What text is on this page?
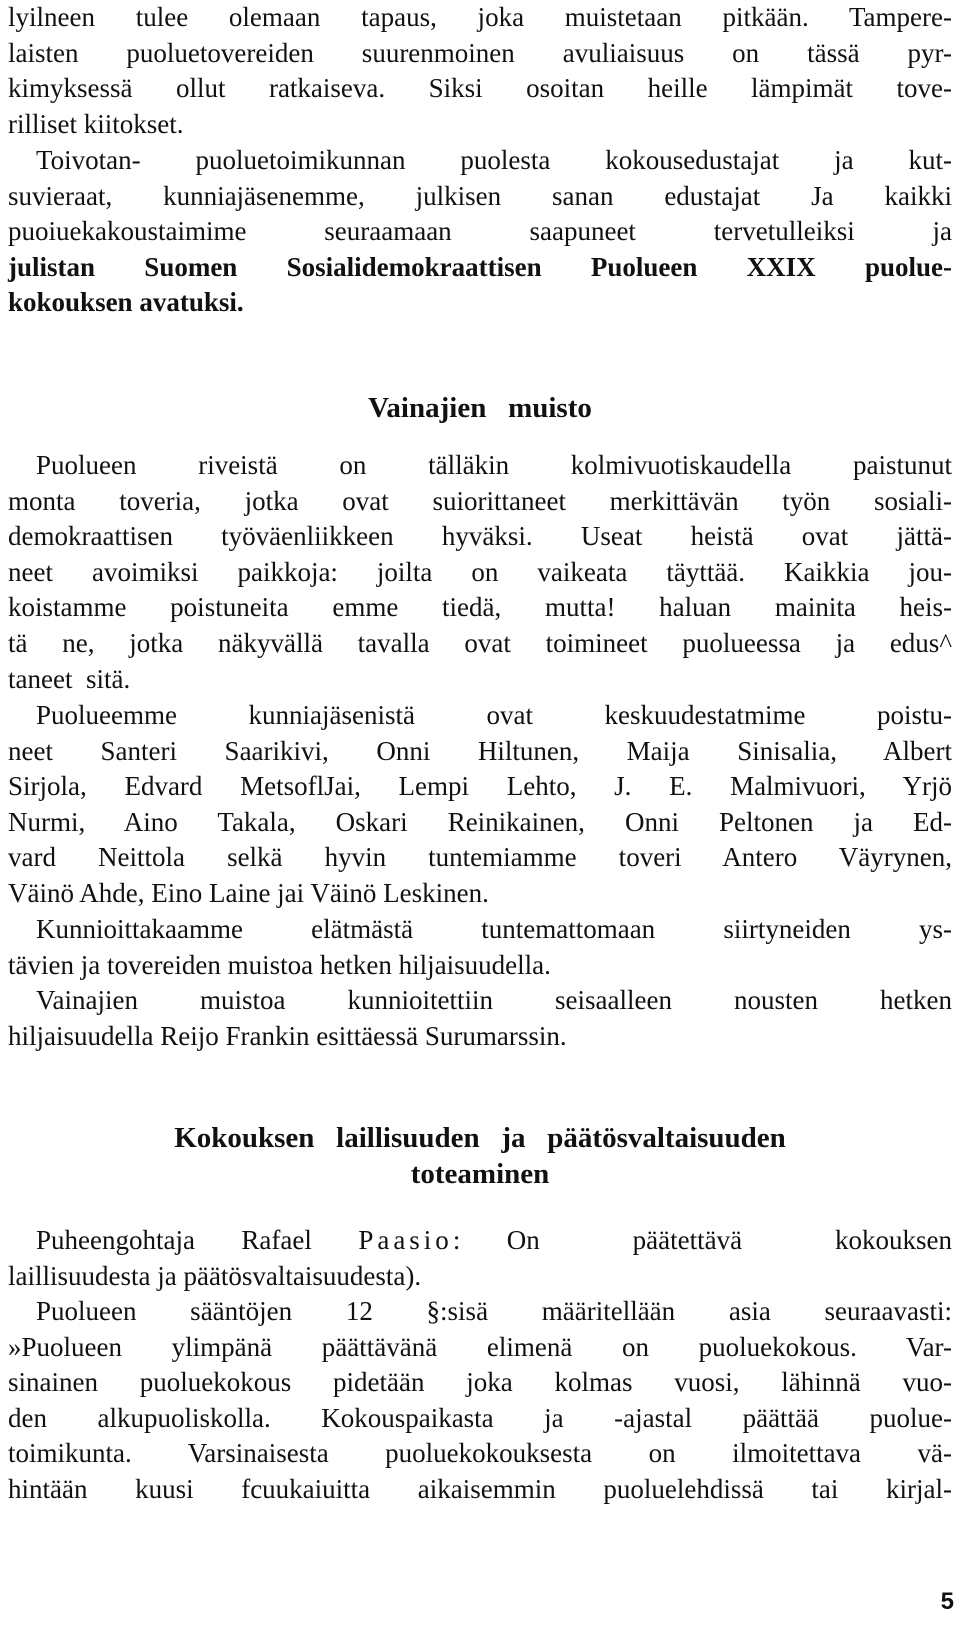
lyilneen tulee olemaan tapaus, joka muistetaan pitkään. Tampere-
laisten puoluetovereiden suurenmoinen avuliaisuus on tässä pyr-
kimyksessä ollut ratkaiseva. Siksi osoitan heille lämpimät tove-
rilliset kiitokset.
Toivotan- puoluetoimikunnan puolesta kokousedustajat ja kut-
suvieraat, kunniajäsenemme, julkisen sanan edustajat Ja kaikki
puoiuekakoustaimime seuraamaan saapuneet tervetulleiksi ja
julistan Suomen Sosialidemokraattisen Puolueen XXIX puolue-
kokouksen avatuksi.
Vainajien   muisto
Puolueen riveistä on tälläkin kolmivuotiskaudella paistunut
monta toveria, jotka ovat suiorittaneet merkittävän työn sosiali-
demokraattisen työväenliikkeen hyväksi. Useat heistä ovat jättä-
neet avoimiksi paikkoja: joilta on vaikeata täyttää. Kaikkia jou-
koistamme poistuneita emme tiedä, mutta! haluan mainita heis-
tä ne, jotka näkyvällä tavalla ovat toimineet puolueessa ja edus^
taneet  sitä.
Puolueemme kunniajäsenistä ovat keskuudestatmime poistu-
neet Santeri Saarikivi, Onni Hiltunen, Maija Sinisalia, Albert
Sirjola, Edvard MetsoflJai, Lempi Lehto, J. E. Malmivuori, Yrjö
Nurmi, Aino Takala, Oskari Reinikainen, Onni Peltonen ja Ed-
vard Neittola selkä hyvin tuntemiamme toveri Antero Väyrynen,
Väinö Ahde, Eino Laine jai Väinö Leskinen.
Kunnioittakaamme elätmästä tuntemattomaan siirtyneiden ys-
tävien ja tovereiden muistoa hetken hiljaisuudella.
Vainajien muistoa kunnioitettiin seisaalleen nousten hetken
hiljaisuudella Reijo Frankin esittäessä Surumarssin.
Kokouksen   laillisuuden   ja   päätösvaltaisuuden
toteaminen
Puheengohtaja Rafael Paasio: On  päätettävä  kokouksen
laillisuudesta ja päätösvaltaisuudesta).
Puolueen sääntöjen 12 §:sisä määritellään asia seuraavasti:
»Puolueen ylimpänä päättävänä elimenä on puoluekokous. Var-
sinainen puoluekokous pidetään joka kolmas vuosi, lähinnä vuo-
den alkupuoliskolla. Kokouspaikasta ja -ajastal päättää puolue-
toimikunta. Varsinaisesta puoluekokouksesta on ilmoitettava vä-
hintään kuusi fcuukaiuitta aikaisemmin puoluelehdissä tai kirjal-
5
